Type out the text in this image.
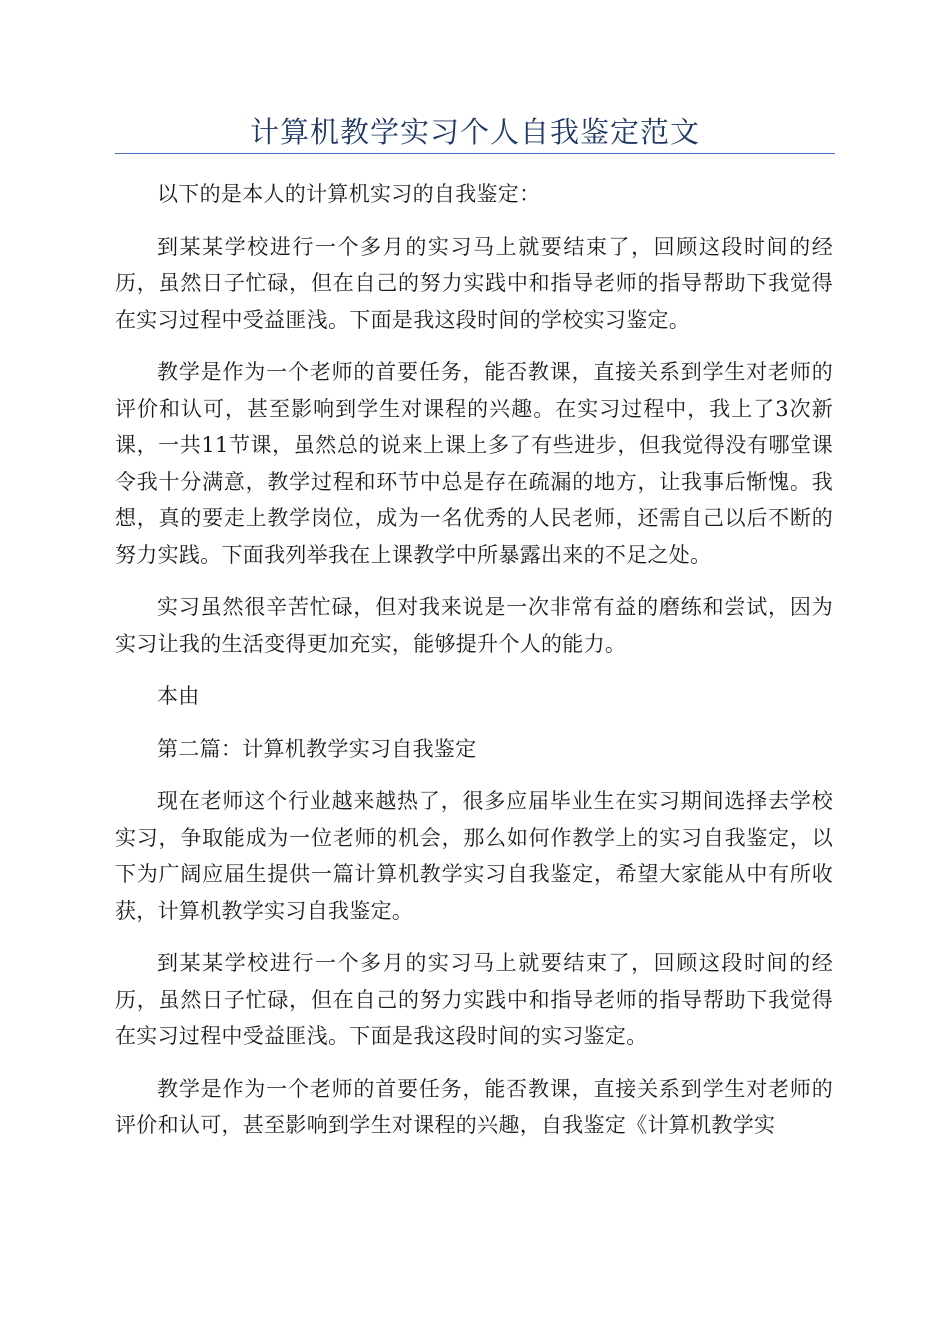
计算机教学实习个人自我鉴定范文

以下的是本人的计算机实习的自我鉴定：

到某某学校进行一个多月的实习马上就要结束了，回顾这段时间的经历，虽然日子忙碌，但在自己的努力实践中和指导老师的指导帮助下我觉得在实习过程中受益匪浅。下面是我这段时间的学校实习鉴定。

教学是作为一个老师的首要任务，能否教课，直接关系到学生对老师的评价和认可，甚至影响到学生对课程的兴趣。在实习过程中，我上了3次新课，一共11节课，虽然总的说来上课上多了有些进步，但我觉得没有哪堂课令我十分满意，教学过程和环节中总是存在疏漏的地方，让我事后惭愧。我想，真的要走上教学岗位，成为一名优秀的人民老师，还需自己以后不断的努力实践。下面我列举我在上课教学中所暴露出来的不足之处。

实习虽然很辛苦忙碌，但对我来说是一次非常有益的磨练和尝试，因为实习让我的生活变得更加充实，能够提升个人的能力。

本由

第二篇：计算机教学实习自我鉴定

现在老师这个行业越来越热了，很多应届毕业生在实习期间选择去学校实习，争取能成为一位老师的机会，那么如何作教学上的实习自我鉴定，以下为广阔应届生提供一篇计算机教学实习自我鉴定，希望大家能从中有所收获，计算机教学实习自我鉴定。

到某某学校进行一个多月的实习马上就要结束了，回顾这段时间的经历，虽然日子忙碌，但在自己的努力实践中和指导老师的指导帮助下我觉得在实习过程中受益匪浅。下面是我这段时间的实习鉴定。

教学是作为一个老师的首要任务，能否教课，直接关系到学生对老师的评价和认可，甚至影响到学生对课程的兴趣，自我鉴定《计算机教学实
